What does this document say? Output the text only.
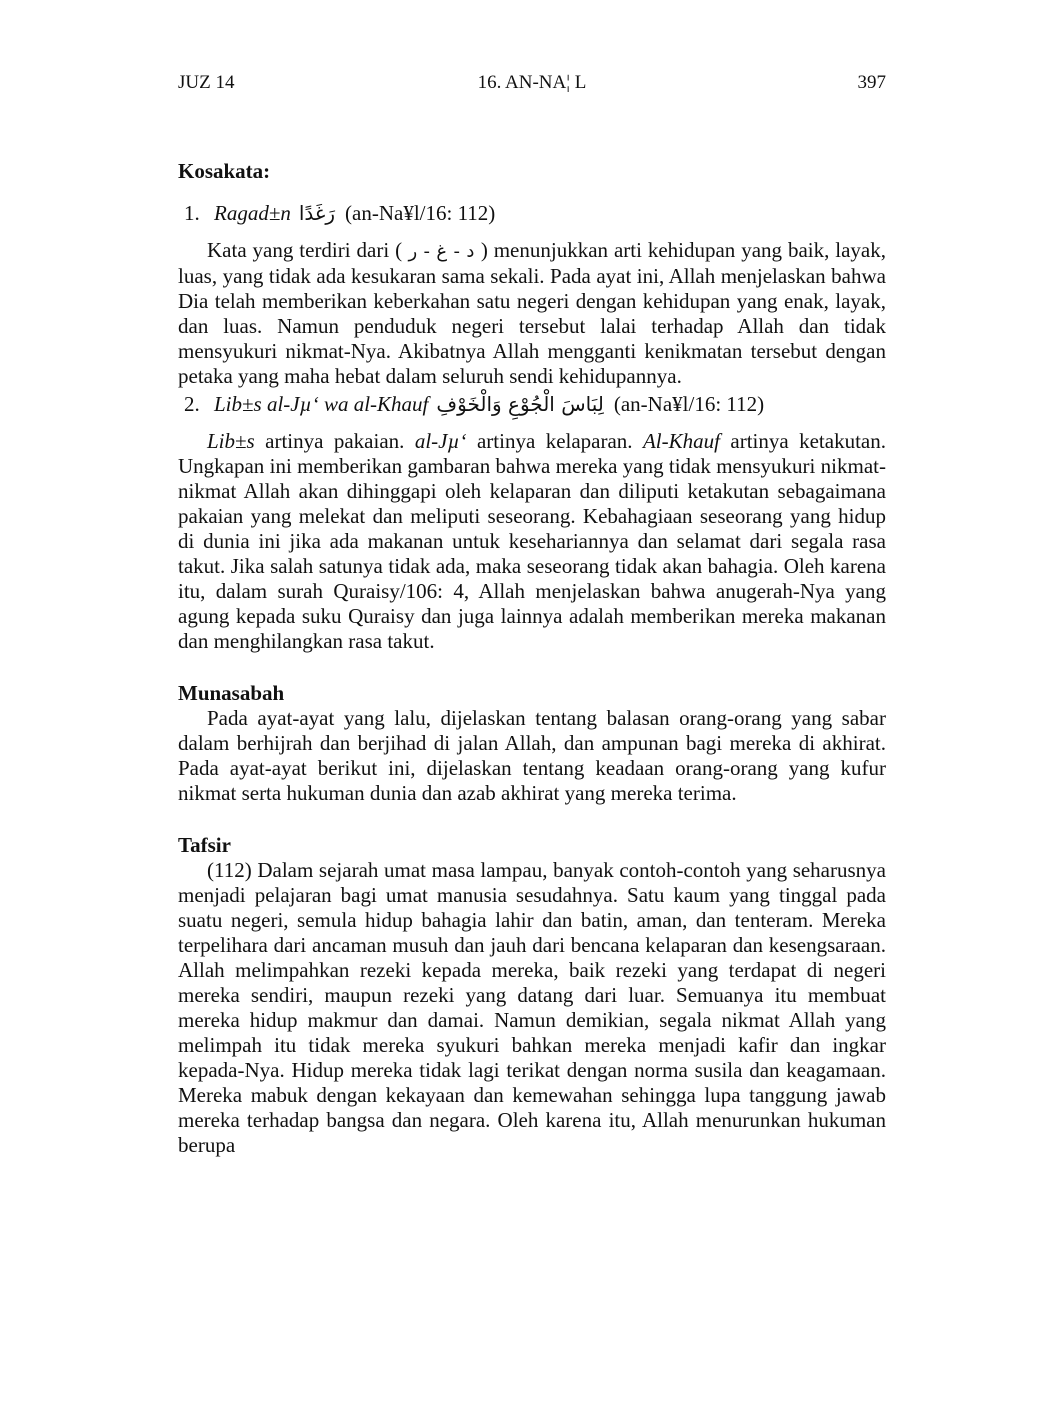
JUZ 14	16. AN-NA¦ L	397
Kosakata:
1. Ragad±n رَغَدًا (an-Na¥l/16: 112)

Kata yang terdiri dari ( د - غ - ر ) menunjukkan arti kehidupan yang baik, layak, luas, yang tidak ada kesukaran sama sekali. Pada ayat ini, Allah menjelaskan bahwa Dia telah memberikan keberkahan satu negeri dengan kehidupan yang enak, layak, dan luas. Namun penduduk negeri tersebut lalai terhadap Allah dan tidak mensyukuri nikmat-Nya. Akibatnya Allah mengganti kenikmatan tersebut dengan petaka yang maha hebat dalam seluruh sendi kehidupannya.

2. Lib±s al-Jµ‘ wa al-Khauf لِبَاسَ الْجُوْعِ وَالْخَوْفِ (an-Na¥l/16: 112)

Lib±s artinya pakaian. al-Jµ‘ artinya kelaparan. Al-Khauf artinya ketakutan. Ungkapan ini memberikan gambaran bahwa mereka yang tidak mensyukuri nikmat-nikmat Allah akan dihinggapi oleh kelaparan dan diliputi ketakutan sebagaimana pakaian yang melekat dan meliputi seseorang. Kebahagiaan seseorang yang hidup di dunia ini jika ada makanan untuk kesehariannya dan selamat dari segala rasa takut. Jika salah satunya tidak ada, maka seseorang tidak akan bahagia. Oleh karena itu, dalam surah Quraisy/106: 4, Allah menjelaskan bahwa anugerah-Nya yang agung kepada suku Quraisy dan juga lainnya adalah memberikan mereka makanan dan menghilangkan rasa takut.

Munasabah

Pada ayat-ayat yang lalu, dijelaskan tentang balasan orang-orang yang sabar dalam berhijrah dan berjihad di jalan Allah, dan ampunan bagi mereka di akhirat. Pada ayat-ayat berikut ini, dijelaskan tentang keadaan orang-orang yang kufur nikmat serta hukuman dunia dan azab akhirat yang mereka terima.

Tafsir

(112) Dalam sejarah umat masa lampau, banyak contoh-contoh yang seharusnya menjadi pelajaran bagi umat manusia sesudahnya. Satu kaum yang tinggal pada suatu negeri, semula hidup bahagia lahir dan batin, aman, dan tenteram. Mereka terpelihara dari ancaman musuh dan jauh dari bencana kelaparan dan kesengsaraan. Allah melimpahkan rezeki kepada mereka, baik rezeki yang terdapat di negeri mereka sendiri, maupun rezeki yang datang dari luar. Semuanya itu membuat mereka hidup makmur dan damai. Namun demikian, segala nikmat Allah yang melimpah itu tidak mereka syukuri bahkan mereka menjadi kafir dan ingkar kepada-Nya. Hidup mereka tidak lagi terikat dengan norma susila dan keagamaan. Mereka mabuk dengan kekayaan dan kemewahan sehingga lupa tanggung jawab mereka terhadap bangsa dan negara. Oleh karena itu, Allah menurunkan hukuman berupa
